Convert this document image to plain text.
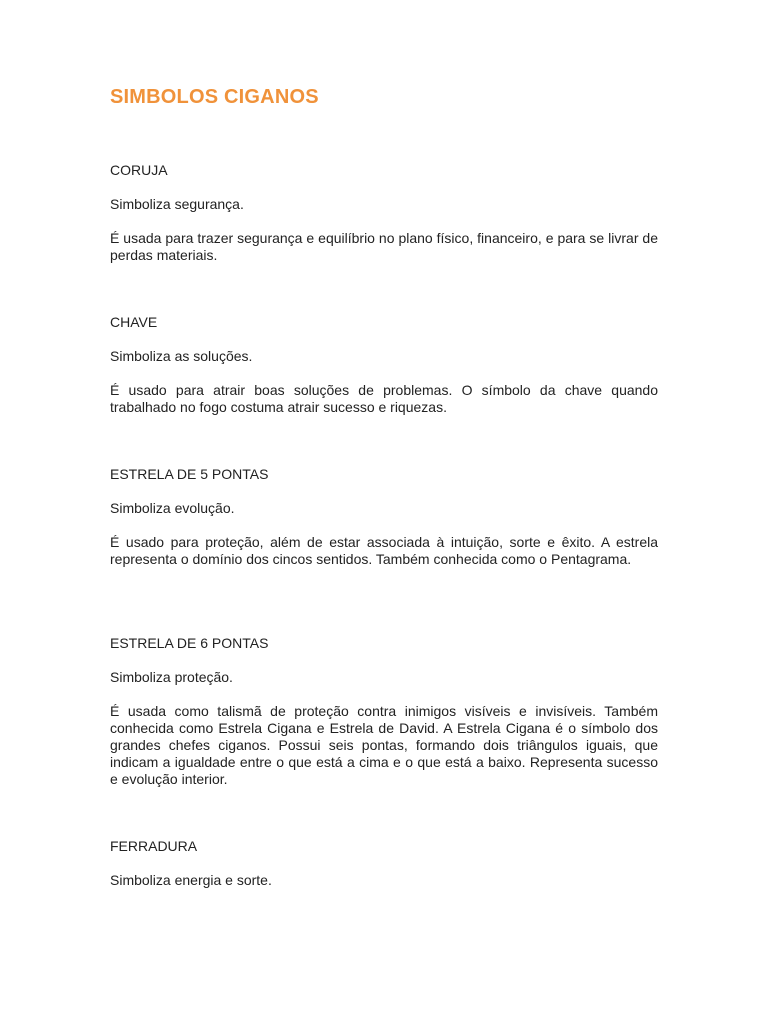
SIMBOLOS CIGANOS

CORUJA

Simboliza segurança.

É usada para trazer segurança e equilíbrio no plano físico, financeiro, e para se livrar de perdas materiais.

CHAVE

Simboliza as soluções.

É usado para atrair boas soluções de problemas. O símbolo da chave quando trabalhado no fogo costuma atrair sucesso e riquezas.

ESTRELA DE 5 PONTAS

Simboliza evolução.

É usado para proteção, além de estar associada à intuição, sorte e êxito. A estrela representa o domínio dos cincos sentidos. Também conhecida como o Pentagrama.

ESTRELA DE 6 PONTAS

Simboliza proteção.

É usada como talismã de proteção contra inimigos visíveis e invisíveis. Também conhecida como Estrela Cigana e Estrela de David. A Estrela Cigana é o símbolo dos grandes chefes ciganos. Possui seis pontas, formando dois triângulos iguais, que indicam a igualdade entre o que está a cima e o que está a baixo. Representa sucesso e evolução interior.

FERRADURA

Simboliza energia e sorte.
